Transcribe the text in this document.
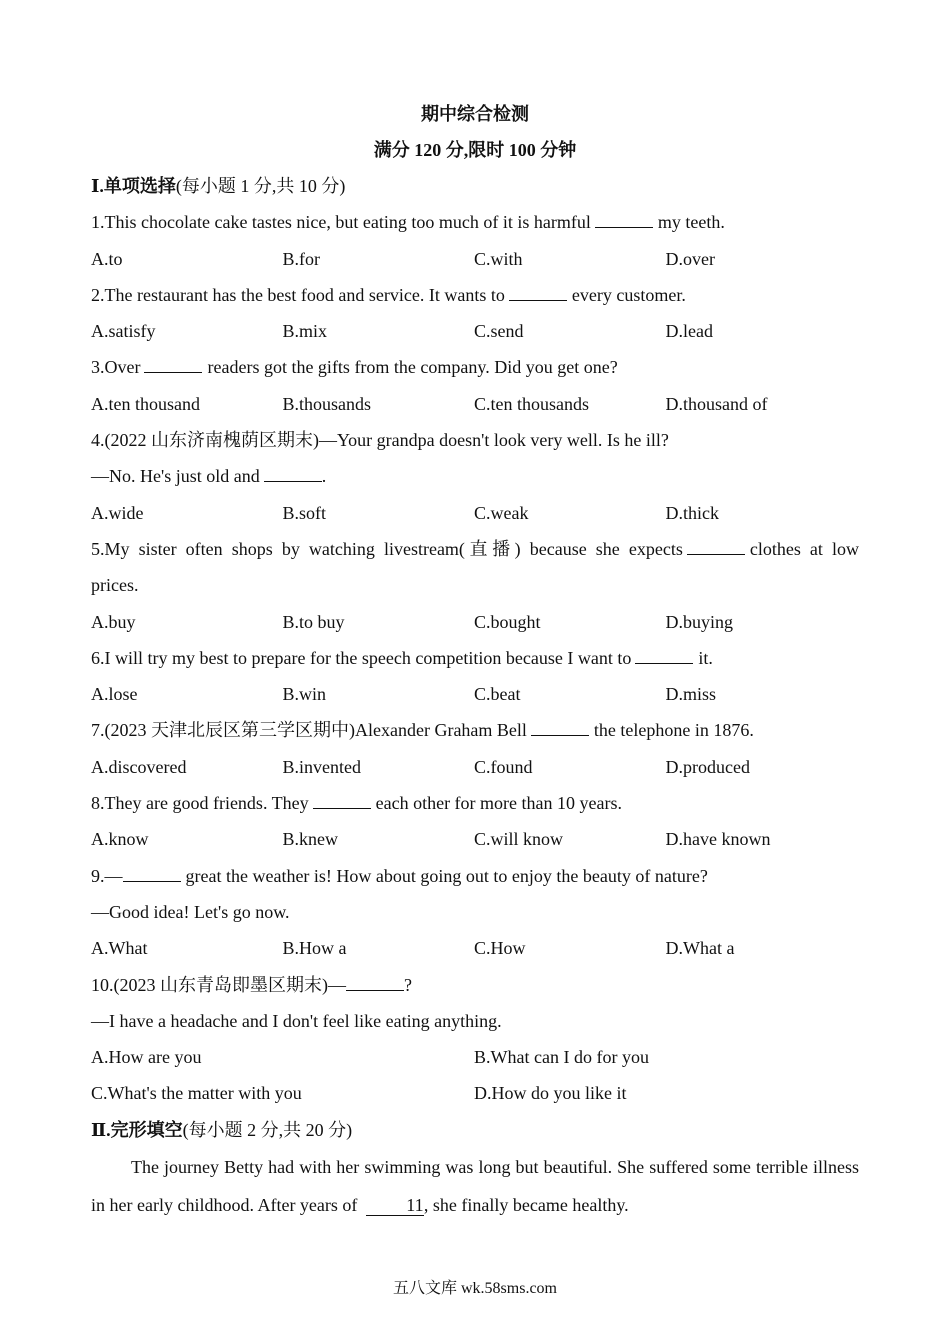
期中综合检测
满分 120 分,限时 100 分钟
Ⅰ.单项选择(每小题 1 分,共 10 分)
1.This chocolate cake tastes nice, but eating too much of it is harmful	my teeth.
A.to	B.for	C.with	D.over
2.The restaurant has the best food and service. It wants to	every customer.
A.satisfy	B.mix	C.send	D.lead
3.Over	readers got the gifts from the company. Did you get one?
A.ten thousand	B.thousands	C.ten thousands	D.thousand of
4.(2022 山东济南槐荫区期末)—Your grandpa doesn't look very well. Is he ill?
—No. He's just old and	.
A.wide	B.soft	C.weak	D.thick
5.My sister often shops by watching livestream(直播) because she expects	clothes at low
prices.
A.buy	B.to buy	C.bought	D.buying
6.I will try my best to prepare for the speech competition because I want to	it.
A.lose	B.win	C.beat	D.miss
7.(2023 天津北辰区第三学区期中)Alexander Graham Bell	the telephone in 1876.
A.discovered	B.invented	C.found	D.produced
8.They are good friends. They	each other for more than 10 years.
A.know	B.knew	C.will know	D.have known
9.—	great the weather is! How about going out to enjoy the beauty of nature?
—Good idea! Let's go now.
A.What	B.How a	C.How	D.What a
10.(2023 山东青岛即墨区期末)—	?
—I have a headache and I don't feel like eating anything.
A.How are you	B.What can I do for you
C.What's the matter with you	D.How do you like it
Ⅱ.完形填空(每小题 2 分,共 20 分)
The journey Betty had with her swimming was long but beautiful. She suffered some terrible illness in her early childhood. After years of	11, she finally became healthy.
五八文库 wk.58sms.com
